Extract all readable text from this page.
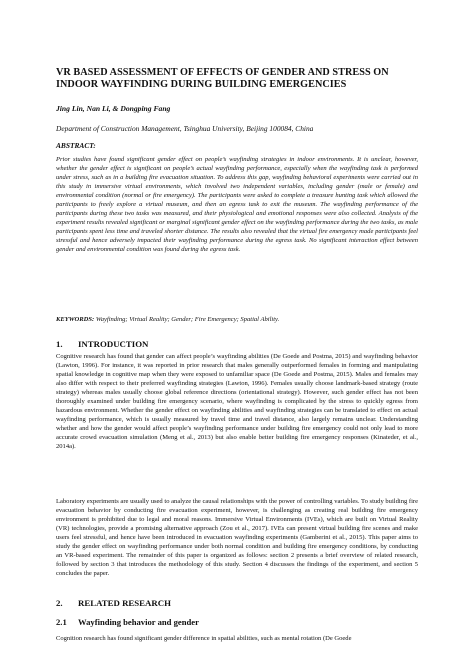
VR BASED ASSESSMENT OF EFFECTS OF GENDER AND STRESS ON INDOOR WAYFINDING DURING BUILDING EMERGENCIES
Jing Lin, Nan Li, & Dongping Fang
Department of Construction Management, Tsinghua University, Beijing 100084, China
ABSTRACT:
Prior studies have found significant gender effect on people’s wayfinding strategies in indoor environments. It is unclear, however, whether the gender effect is significant on people’s actual wayfinding performance, especially when the wayfinding task is performed under stress, such as in a building fire evacuation situation. To address this gap, wayfinding behavioral experiments were carried out in this study in immersive virtual environments, which involved two independent variables, including gender (male or female) and environmental condition (normal or fire emergency). The participants were asked to complete a treasure hunting task which allowed the participants to freely explore a virtual museum, and then an egress task to exit the museum. The wayfinding performance of the participants during these two tasks was measured, and their physiological and emotional responses were also collected. Analysis of the experiment results revealed significant or marginal significant gender effect on the wayfinding performance during the two tasks, as male participants spent less time and traveled shorter distance. The results also revealed that the virtual fire emergency made participants feel stressful and hence adversely impacted their wayfinding performance during the egress task. No significant interaction effect between gender and environmental condition was found during the egress task.
KEYWORDS: Wayfinding; Virtual Reality; Gender; Fire Emergency; Spatial Ability.
1. INTRODUCTION
Cognitive research has found that gender can affect people’s wayfinding abilities (De Goede and Postma, 2015) and wayfinding behavior (Lawton, 1996). For instance, it was reported in prior research that males generally outperformed females in forming and manipulating spatial knowledge in cognitive map when they were exposed to unfamiliar space (De Goede and Postma, 2015). Males and females may also differ with respect to their preferred wayfinding strategies (Lawton, 1996). Females usually choose landmark-based strategy (route strategy) whereas males usually choose global reference directions (orientational strategy). However, such gender effect has not been thoroughly examined under building fire emergency scenario, where wayfinding is complicated by the stress to quickly egress from hazardous environment. Whether the gender effect on wayfinding abilities and wayfinding strategies can be translated to effect on actual wayfinding performance, which is usually measured by travel time and travel distance, also largely remains unclear. Understanding whether and how the gender would affect people’s wayfinding performance under building fire emergency could not only lead to more accurate crowd evacuation simulation (Meng et al., 2013) but also enable better building fire emergency responses (Kinateder, et al., 2014a).
Laboratory experiments are usually used to analyze the causal relationships with the power of controlling variables. To study building fire evacuation behavior by conducting fire evacuation experiment, however, is challenging as creating real building fire emergency environment is prohibited due to legal and moral reasons. Immersive Virtual Environments (IVEs), which are built on Virtual Reality (VR) technologies, provide a promising alternative approach (Zou et al., 2017). IVEs can present virtual building fire scenes and make users feel stressful, and hence have been introduced in evacuation wayfinding experiments (Gamberini et al., 2015). This paper aims to study the gender effect on wayfinding performance under both normal condition and building fire emergency conditions, by conducting an VR-based experiment. The remainder of this paper is organized as follows: section 2 presents a brief overview of related research, followed by section 3 that introduces the methodology of this study. Section 4 discusses the findings of the experiment, and section 5 concludes the paper.
2. RELATED RESEARCH
2.1 Wayfinding behavior and gender
Cognition research has found significant gender difference in spatial abilities, such as mental rotation (De Goede
